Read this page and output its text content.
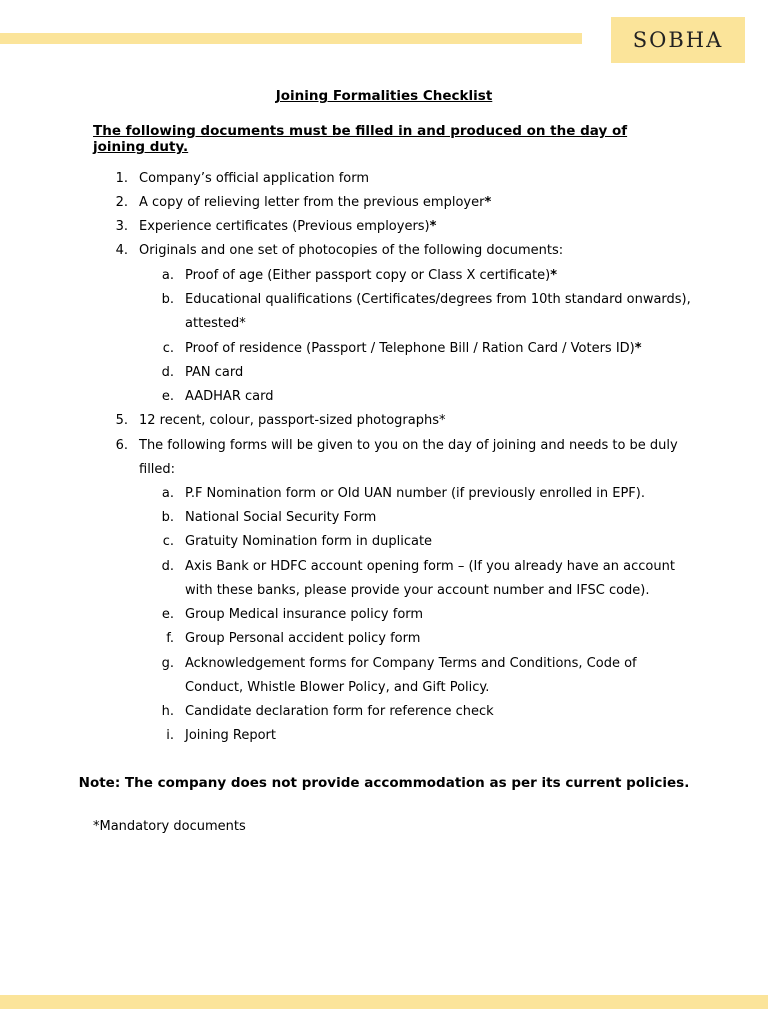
SOBHA
Joining Formalities Checklist
The following documents must be filled in and produced on the day of joining duty.
1. Company’s official application form
2. A copy of relieving letter from the previous employer*
3. Experience certificates (Previous employers)*
4. Originals and one set of photocopies of the following documents:
a. Proof of age (Either passport copy or Class X certificate)*
b. Educational qualifications (Certificates/degrees from 10th standard onwards),
attested*
c. Proof of residence (Passport / Telephone Bill / Ration Card / Voters ID)*
d. PAN card
e. AADHAR card
5. 12 recent, colour, passport-sized photographs*
6. The following forms will be given to you on the day of joining and needs to be duly
filled:
a. P.F Nomination form or Old UAN number (if previously enrolled in EPF).
b. National Social Security Form
c. Gratuity Nomination form in duplicate
d. Axis Bank or HDFC account opening form – (If you already have an account
with these banks, please provide your account number and IFSC code).
e. Group Medical insurance policy form
f. Group Personal accident policy form
g. Acknowledgement forms for Company Terms and Conditions, Code of
Conduct, Whistle Blower Policy, and Gift Policy.
h. Candidate declaration form for reference check
i. Joining Report
Note: The company does not provide accommodation as per its current policies.
*Mandatory documents
